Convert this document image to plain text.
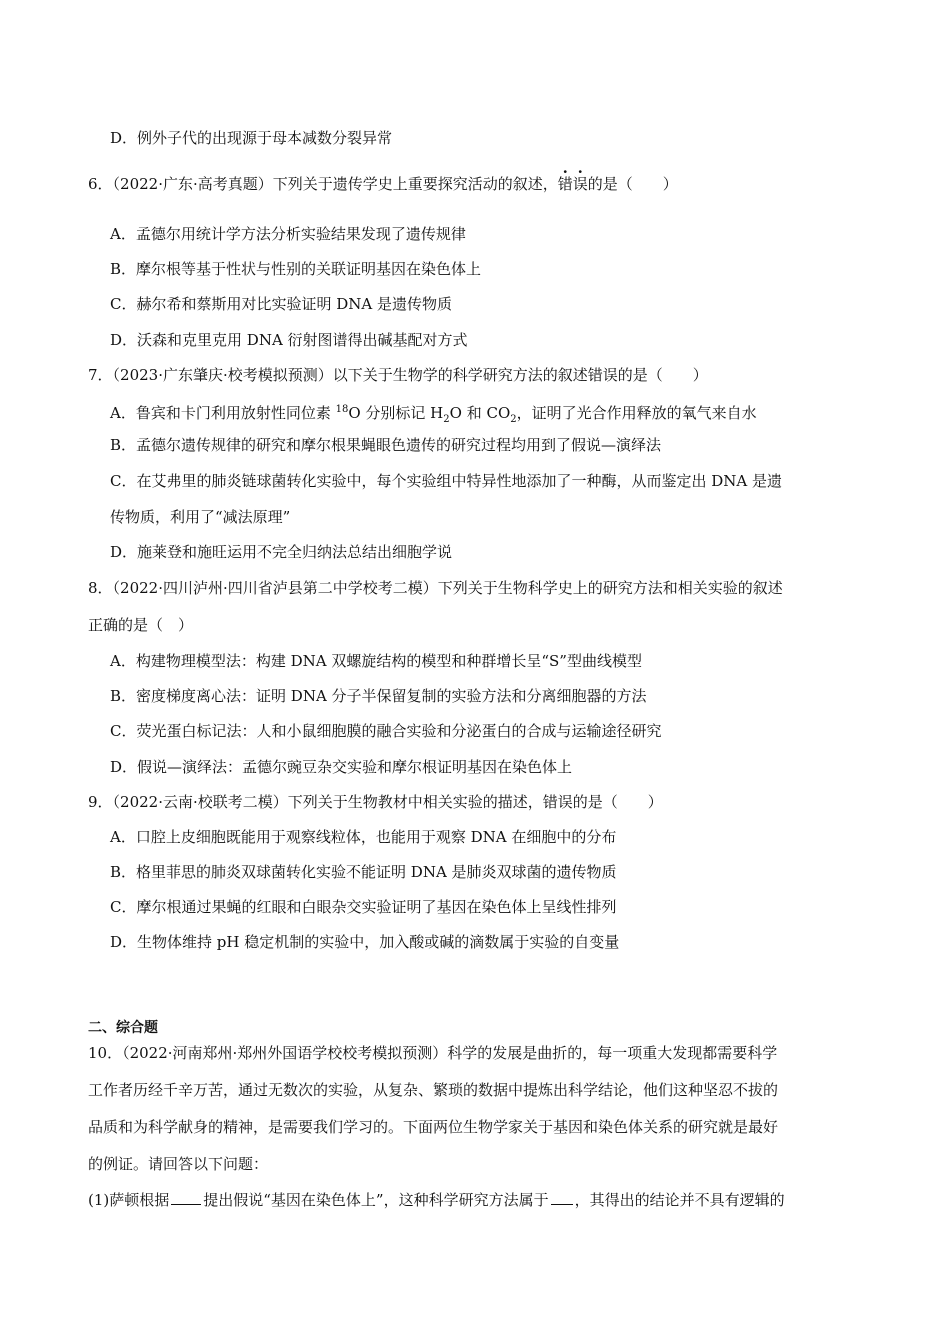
D．例外子代的出现源于母本减数分裂异常
6．（2022·广东·高考真题）下列关于遗传学史上重要探究活动的叙述，错误的是（　　）
A．孟德尔用统计学方法分析实验结果发现了遗传规律
B．摩尔根等基于性状与性别的关联证明基因在染色体上
C．赫尔希和蔡斯用对比实验证明 DNA 是遗传物质
D．沃森和克里克用 DNA 衍射图谱得出碱基配对方式
7．（2023·广东肇庆·校考模拟预测）以下关于生物学的科学研究方法的叙述错误的是（　　）
A．鲁宾和卡门利用放射性同位素 $^{18}$O 分别标记 $H_2O$ 和 $CO_2$，证明了光合作用释放的氧气来自水
B．孟德尔遗传规律的研究和摩尔根果蝇眼色遗传的研究过程均用到了假说—演绎法
C．在艾弗里的肺炎链球菌转化实验中，每个实验组中特异性地添加了一种酶，从而鉴定出 DNA 是遗
传物质，利用了“减法原理”
D．施莱登和施旺运用不完全归纳法总结出细胞学说
8．（2022·四川泸州·四川省泸县第二中学校考二模）下列关于生物科学史上的研究方法和相关实验的叙述
正确的是（　）
A．构建物理模型法：构建 DNA 双螺旋结构的模型和种群增长呈“S”型曲线模型
B．密度梯度离心法：证明 DNA 分子半保留复制的实验方法和分离细胞器的方法
C．荧光蛋白标记法：人和小鼠细胞膜的融合实验和分泌蛋白的合成与运输途径研究
D．假说—演绎法：孟德尔豌豆杂交实验和摩尔根证明基因在染色体上
9．（2022·云南·校联考二模）下列关于生物教材中相关实验的描述，错误的是（　　）
A．口腔上皮细胞既能用于观察线粒体，也能用于观察 DNA 在细胞中的分布
B．格里菲思的肺炎双球菌转化实验不能证明 DNA 是肺炎双球菌的遗传物质
C．摩尔根通过果蝇的红眼和白眼杂交实验证明了基因在染色体上呈线性排列
D．生物体维持 pH 稳定机制的实验中，加入酸或碱的滴数属于实验的自变量
二、综合题
10．（2022·河南郑州·郑州外国语学校校考模拟预测）科学的发展是曲折的，每一项重大发现都需要科学
工作者历经千辛万苦，通过无数次的实验，从复杂、繁琐的数据中提炼出科学结论，他们这种坚忍不拔的
品质和为科学献身的精神，是需要我们学习的。下面两位生物学家关于基因和染色体关系的研究就是最好
的例证。请回答以下问题：
(1)萨顿根据 提出假说“基因在染色体上”，这种科学研究方法属于 ，其得出的结论并不具有逻辑的
